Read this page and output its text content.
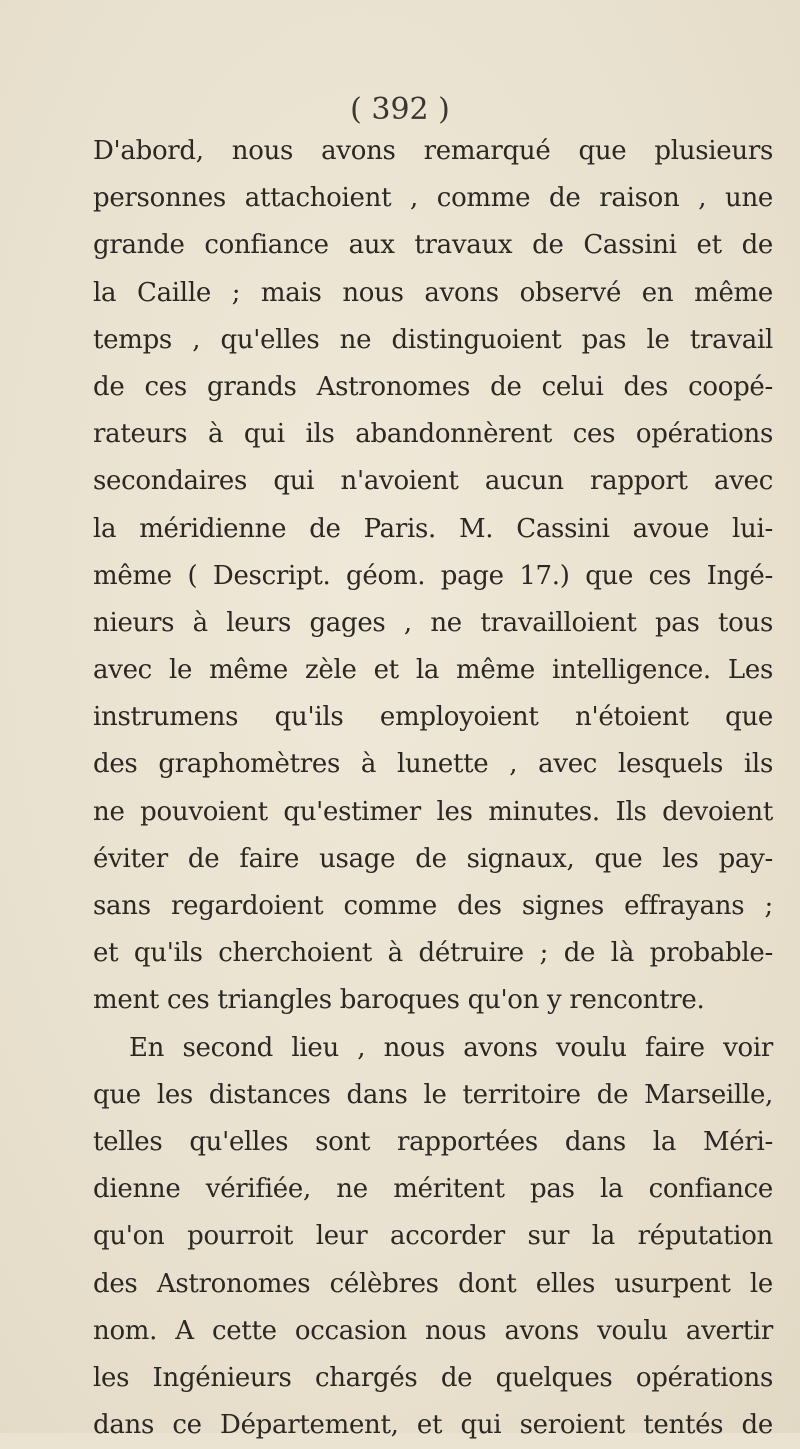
( 392 )
D'abord, nous avons remarqué que plusieurs
personnes attachoient , comme de raison , une
grande confiance aux travaux de Cassini et de
la Caille ; mais nous avons observé en même
temps , qu'elles ne distinguoient pas le travail
de ces grands Astronomes de celui des coopé-
rateurs à qui ils abandonnèrent ces opérations
secondaires qui n'avoient aucun rapport avec
la méridienne de Paris. M. Cassini avoue lui-
même ( Descript. géom. page 17.) que ces Ingé-
nieurs à leurs gages , ne travailloient pas tous
avec le même zèle et la même intelligence. Les
instrumens qu'ils employoient n'étoient que
des graphomètres à lunette , avec lesquels ils
ne pouvoient qu'estimer les minutes. Ils devoient
éviter de faire usage de signaux, que les pay-
sans regardoient comme des signes effrayans ;
et qu'ils cherchoient à détruire ; de là probable-
ment ces triangles baroques qu'on y rencontre.
En second lieu , nous avons voulu faire voir
que les distances dans le territoire de Marseille,
telles qu'elles sont rapportées dans la Méri-
dienne vérifiée, ne méritent pas la confiance
qu'on pourroit leur accorder sur la réputation
des Astronomes célèbres dont elles usurpent le
nom. A cette occasion nous avons voulu avertir
les Ingénieurs chargés de quelques opérations
dans ce Département, et qui seroient tentés de
